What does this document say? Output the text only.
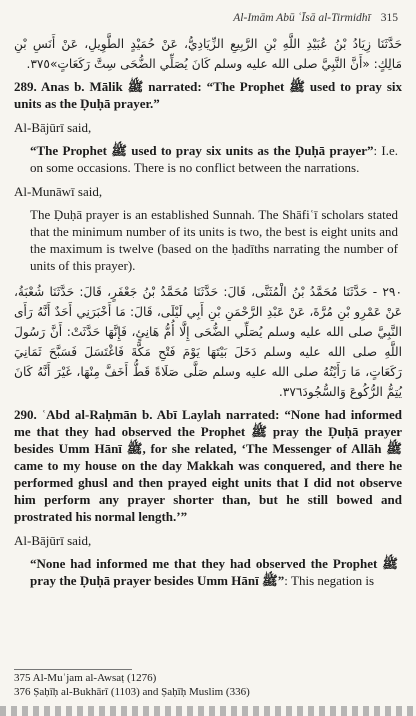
Al-Imām Abū ʿĪsā al-Tirmidhī 315

حَدَّثَنَا زِيَادُ بْنُ عُبَيْدِ اللَّهِ بْنِ الرَّبِيعِ الزِّيَادِيُّ، عَنْ حُمَيْدٍ الطَّوِيلِ، عَنْ أَنَسِ بْنِ مَالِكٍ: «أَنَّ النَّبِيَّ صلى الله عليه وسلم كَانَ يُصَلِّي الضُّحَى سِتَّ رَكَعَاتٍ»٣٧٥.

289. Anas b. Mālik ﷺ narrated: “The Prophet ﷺ used to pray six units as the Ḍuḥā prayer.”

Al-Bājūrī said,

“The Prophet ﷺ used to pray six units as the Ḍuḥā prayer”: I.e. on some occasions. There is no conflict between the narrations.

Al-Munāwī said,

The Ḍuḥā prayer is an established Sunnah. The Shāfiʿī scholars stated that the minimum number of its units is two, the best is eight units and the maximum is twelve (based on the ḥadīths narrating the number of units of this prayer).

٢٩٠ - حَدَّثَنَا مُحَمَّدُ بْنُ الْمُثَنَّى، قَالَ: حَدَّثَنَا مُحَمَّدُ بْنُ جَعْفَرٍ، قَالَ: حَدَّثَنَا شُعْبَةُ، عَنْ عَمْرِو بْنِ مُرَّةَ، عَنْ عَبْدِ الرَّحْمَنِ بْنِ أَبِي لَيْلَى، قَالَ: مَا أَخْبَرَنِي أَحَدٌ أَنَّهُ رَأَى النَّبِيَّ صلى الله عليه وسلم يُصَلِّي الضُّحَى إِلَّا أُمُّ هَانِئٍ، فَإِنَّهَا حَدَّثَتْ: أَنَّ رَسُولَ اللَّهِ صلى الله عليه وسلم دَخَلَ بَيْتَهَا يَوْمَ فَتْحِ مَكَّةَ فَاغْتَسَلَ فَسَبَّحَ ثَمَانِيَ رَكَعَاتٍ، مَا رَأَيْتُهُ صلى الله عليه وسلم صَلَّى صَلَاةً قَطُّ أَخَفَّ مِنْهَا، غَيْرَ أَنَّهُ كَانَ يُتِمُّ الرُّكُوعَ وَالسُّجُودَ٣٧٦.

290. ʿAbd al-Raḥmān b. Abī Laylah narrated: “None had informed me that they had observed the Prophet ﷺ pray the Ḍuḥā prayer besides Umm Hānī ﷺ, for she related, ‘The Messenger of Allāh ﷺ came to my house on the day Makkah was conquered, and there he performed ghusl and then prayed eight units that I did not observe him perform any prayer shorter than, but he still bowed and prostrated his normal length.’”

Al-Bājūrī said,

“None had informed me that they had observed the Prophet ﷺ pray the Ḍuḥā prayer besides Umm Hānī ﷺ”: This negation is

375 Al-Muʿjam al-Awsaṭ (1276)

376 Ṣaḥīḥ al-Bukhārī (1103) and Ṣaḥīḥ Muslim (336)
